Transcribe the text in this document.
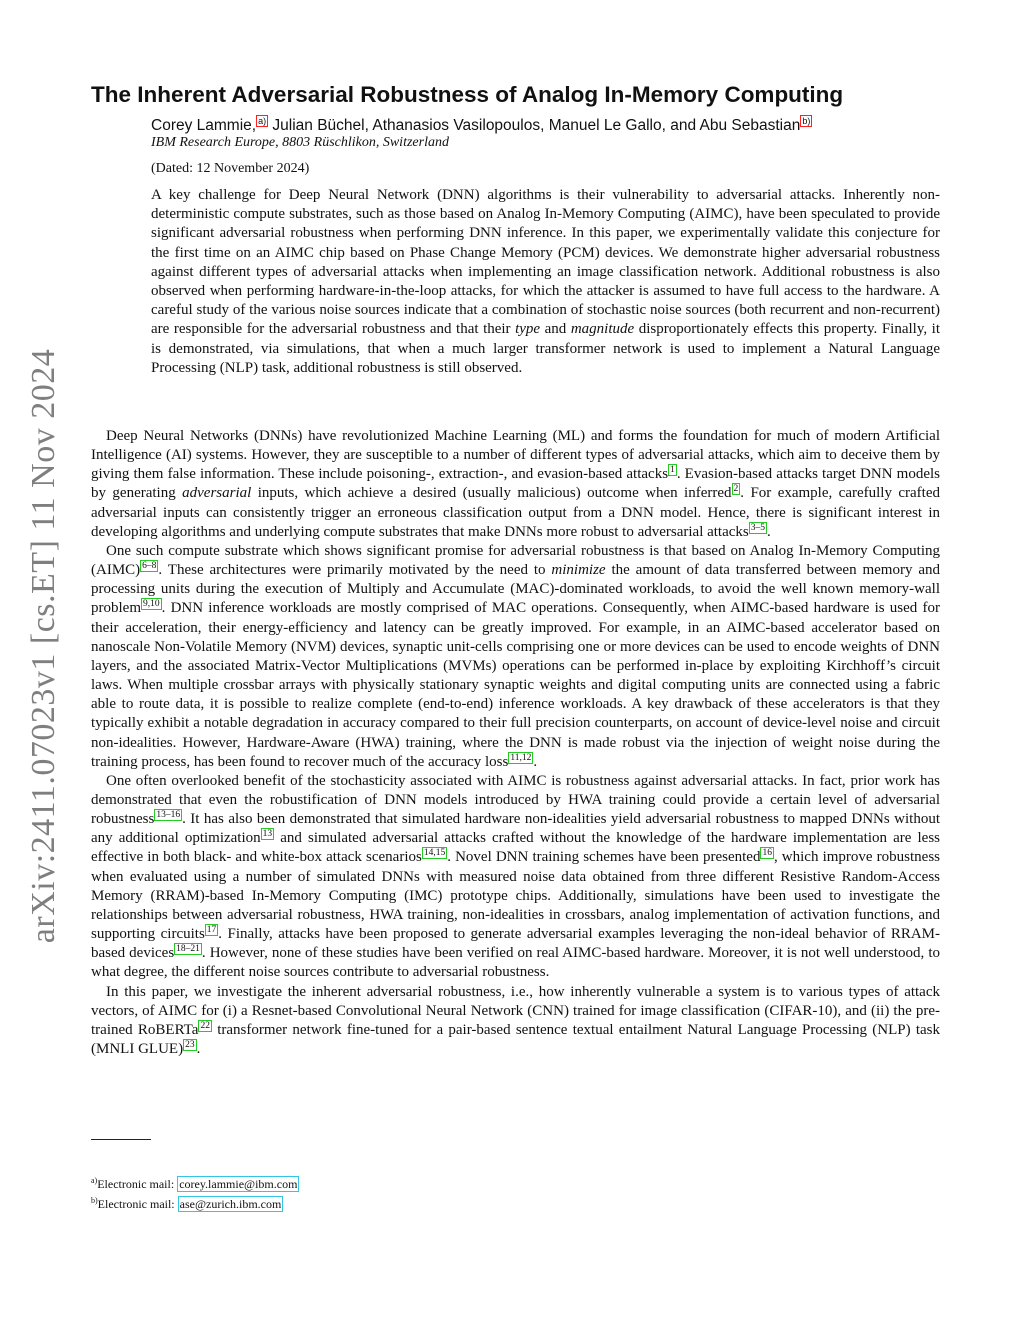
arXiv:2411.07023v1 [cs.ET] 11 Nov 2024
The Inherent Adversarial Robustness of Analog In-Memory Computing
Corey Lammie, $^{a)}$ Julian Büchel, Athanasios Vasilopoulos, Manuel Le Gallo, and Abu Sebastian $^{b)}$
IBM Research Europe, 8803 Rüschlikon, Switzerland
(Dated: 12 November 2024)

A key challenge for Deep Neural Network (DNN) algorithms is their vulnerability to adversarial attacks. Inherently non-deterministic compute substrates, such as those based on Analog In-Memory Computing (AIMC), have been speculated to provide significant adversarial robustness when performing DNN inference. In this paper, we experimentally validate this conjecture for the first time on an AIMC chip based on Phase Change Memory (PCM) devices. We demonstrate higher adversarial robustness against different types of adversarial attacks when implementing an image classification network. Additional robustness is also observed when performing hardware-in-the-loop attacks, for which the attacker is assumed to have full access to the hardware. A careful study of the various noise sources indicate that a combination of stochastic noise sources (both recurrent and non-recurrent) are responsible for the adversarial robustness and that their type and magnitude disproportionately effects this property. Finally, it is demonstrated, via simulations, that when a much larger transformer network is used to implement a Natural Language Processing (NLP) task, additional robustness is still observed.

Deep Neural Networks (DNNs) have revolutionized Machine Learning (ML) and forms the foundation for much of modern Artificial Intelligence (AI) systems. However, they are susceptible to a number of different types of adversarial attacks, which aim to deceive them by giving them false information. These include poisoning-, extraction-, and evasion-based attacks $^1$ . Evasion-based attacks target DNN models by generating adversarial inputs, which achieve a desired (usually malicious) outcome when inferred $^2$ . For example, carefully crafted adversarial inputs can consistently trigger an erroneous classification output from a DNN model. Hence, there is significant interest in developing algorithms and underlying compute substrates that make DNNs more robust to adversarial attacks $^{3-5}$ .

One such compute substrate which shows significant promise for adversarial robustness is that based on Analog In-Memory Computing (AIMC) $^{6-8}$ . These architectures were primarily motivated by the need to minimize the amount of data transferred between memory and processing units during the execution of Multiply and Accumulate (MAC)-dominated workloads, to avoid the well known memory-wall problem $^{9,10}$ . DNN inference workloads are mostly comprised of MAC operations. Consequently, when AIMC-based hardware is used for their acceleration, their energy-efficiency and latency can be greatly improved. For example, in an AIMC-based accelerator based on nanoscale Non-Volatile Memory (NVM) devices, synaptic unit-cells comprising one or more devices can be used to encode weights of DNN layers, and the associated Matrix-Vector Multiplications (MVMs) operations can be performed in-place by exploiting Kirchhoff’s circuit laws. When multiple crossbar arrays with physically stationary synaptic weights and digital computing units are connected using a fabric able to route data, it is possible to realize complete (end-to-end) inference workloads. A key drawback of these accelerators is that they typically exhibit a notable degradation in accuracy compared to their full precision counterparts, on account of device-level noise and circuit non-idealities. However, Hardware-Aware (HWA) training, where the DNN is made robust via the injection of weight noise during the training process, has been found to recover much of the accuracy loss $^{11,12}$ .

One often overlooked benefit of the stochasticity associated with AIMC is robustness against adversarial attacks. In fact, prior work has demonstrated that even the robustification of DNN models introduced by HWA training could provide a certain level of adversarial robustness $^{13-16}$ . It has also been demonstrated that simulated hardware non-idealities yield adversarial robustness to mapped DNNs without any additional optimization $^{13}$ and simulated adversarial attacks crafted without the knowledge of the hardware implementation are less effective in both black- and white-box attack scenarios $^{14,15}$ . Novel DNN training schemes have been presented $^{16}$ , which improve robustness when evaluated using a number of simulated DNNs with measured noise data obtained from three different Resistive Random-Access Memory (RRAM)-based In-Memory Computing (IMC) prototype chips. Additionally, simulations have been used to investigate the relationships between adversarial robustness, HWA training, non-idealities in crossbars, analog implementation of activation functions, and supporting circuits $^{17}$ . Finally, attacks have been proposed to generate adversarial examples leveraging the non-ideal behavior of RRAM-based devices $^{18-21}$ . However, none of these studies have been verified on real AIMC-based hardware. Moreover, it is not well understood, to what degree, the different noise sources contribute to adversarial robustness.

In this paper, we investigate the inherent adversarial robustness, i.e., how inherently vulnerable a system is to various types of attack vectors, of AIMC for (i) a Resnet-based Convolutional Neural Network (CNN) trained for image classification (CIFAR-10), and (ii) the pre-trained RoBERTa $^{22}$ transformer network fine-tuned for a pair-based sentence textual entailment Natural Language Processing (NLP) task (MNLI GLUE) $^{23}$ .

$^{a)}$Electronic mail: corey.lammie@ibm.com
$^{b)}$Electronic mail: ase@zurich.ibm.com
